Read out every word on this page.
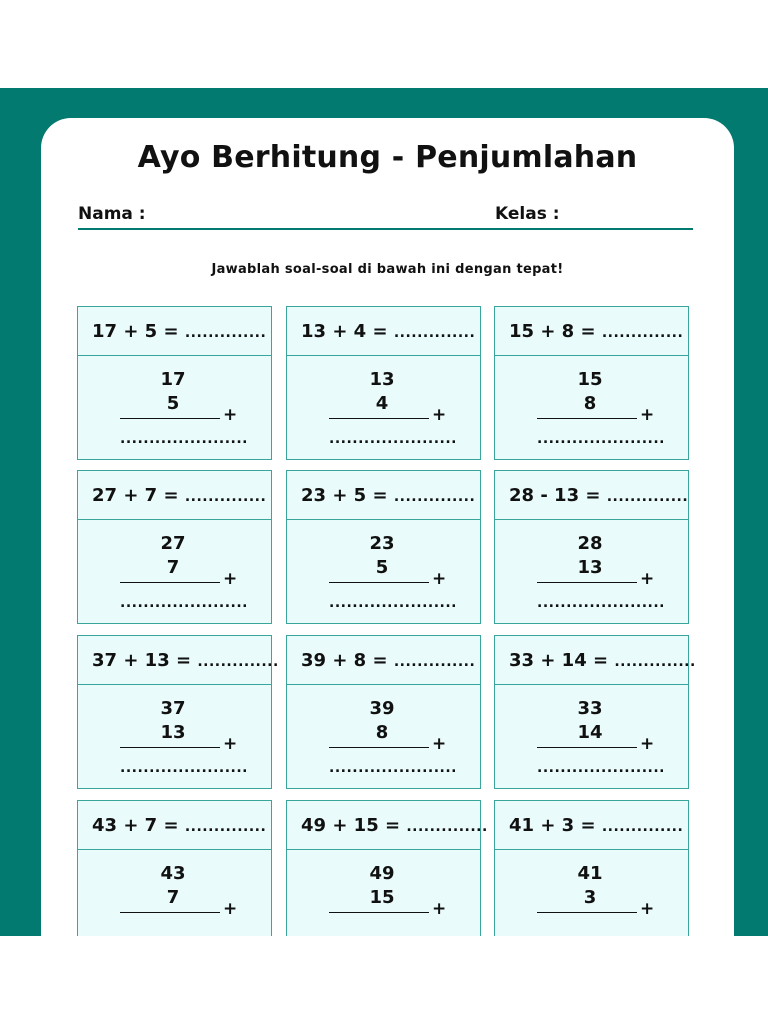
Ayo Berhitung - Penjumlahan
Nama :	Kelas :
Jawablah soal-soal di bawah ini dengan tepat!
17 + 5 = ..............
17
5
+
......................
13 + 4 = ..............
13
4
+
......................
15 + 8 = ..............
15
8
+
......................
27 + 7 = ..............
27
7
+
......................
23 + 5 = ..............
23
5
+
......................
28 - 13 = ..............
28
13
+
......................
37 + 13 = ..............
37
13
+
......................
39 + 8 = ..............
39
8
+
......................
33 + 14 = ..............
33
14
+
......................
43 + 7 = ..............
43
7
+
49 + 15 = ..............
49
15
+
41 + 3 = ..............
41
3
+
